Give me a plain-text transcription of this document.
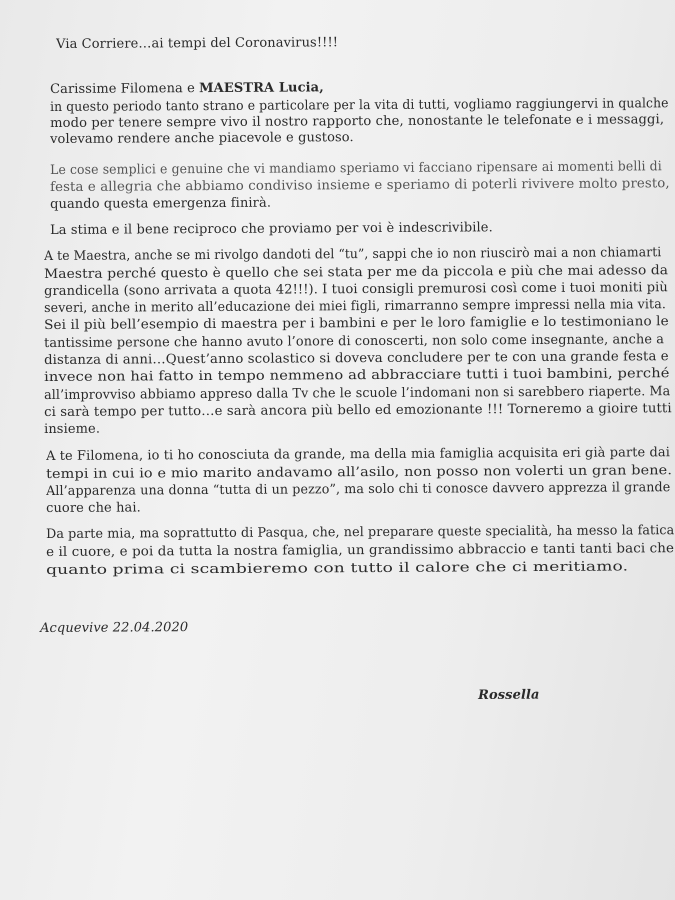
Via Corriere…ai tempi del Coronavirus!!!!
Carissime Filomena e MAESTRA Lucia,
in questo periodo tanto strano e particolare per la vita di tutti, vogliamo raggiungervi in qualche
modo per tenere sempre vivo il nostro rapporto che, nonostante le telefonate e i messaggi,
volevamo rendere anche piacevole e gustoso.
Le cose semplici e genuine che vi mandiamo speriamo vi facciano ripensare ai momenti belli di
festa e allegria che abbiamo condiviso insieme e speriamo di poterli rivivere molto presto,
quando questa emergenza finirà.
La stima e il bene reciproco che proviamo per voi è indescrivibile.
A te Maestra, anche se mi rivolgo dandoti del “tu”, sappi che io non riuscirò mai a non chiamarti
Maestra perché questo è quello che sei stata per me da piccola e più che mai adesso da
grandicella (sono arrivata a quota 42!!!). I tuoi consigli premurosi così come i tuoi moniti più
severi, anche in merito all’educazione dei miei figli, rimarranno sempre impressi nella mia vita.
Sei il più bell’esempio di maestra per i bambini e per le loro famiglie e lo testimoniano le
tantissime persone che hanno avuto l’onore di conoscerti, non solo come insegnante, anche a
distanza di anni…Quest’anno scolastico si doveva concludere per te con una grande festa e
invece non hai fatto in tempo nemmeno ad abbracciare tutti i tuoi bambini, perché
all’improvviso abbiamo appreso dalla Tv che le scuole l’indomani non si sarebbero riaperte. Ma
ci sarà tempo per tutto…e sarà ancora più bello ed emozionante !!! Torneremo a gioire tutti
insieme.
A te Filomena, io ti ho conosciuta da grande, ma della mia famiglia acquisita eri già parte dai
tempi in cui io e mio marito andavamo all’asilo, non posso non volerti un gran bene.
All’apparenza una donna “tutta di un pezzo”, ma solo chi ti conosce davvero apprezza il grande
cuore che hai.
Da parte mia, ma soprattutto di Pasqua, che, nel preparare queste specialità, ha messo la fatica
e il cuore, e poi da tutta la nostra famiglia, un grandissimo abbraccio e tanti tanti baci che
quanto prima ci scambieremo con tutto il calore che ci meritiamo.
Acquevive 22.04.2020
Rossella
